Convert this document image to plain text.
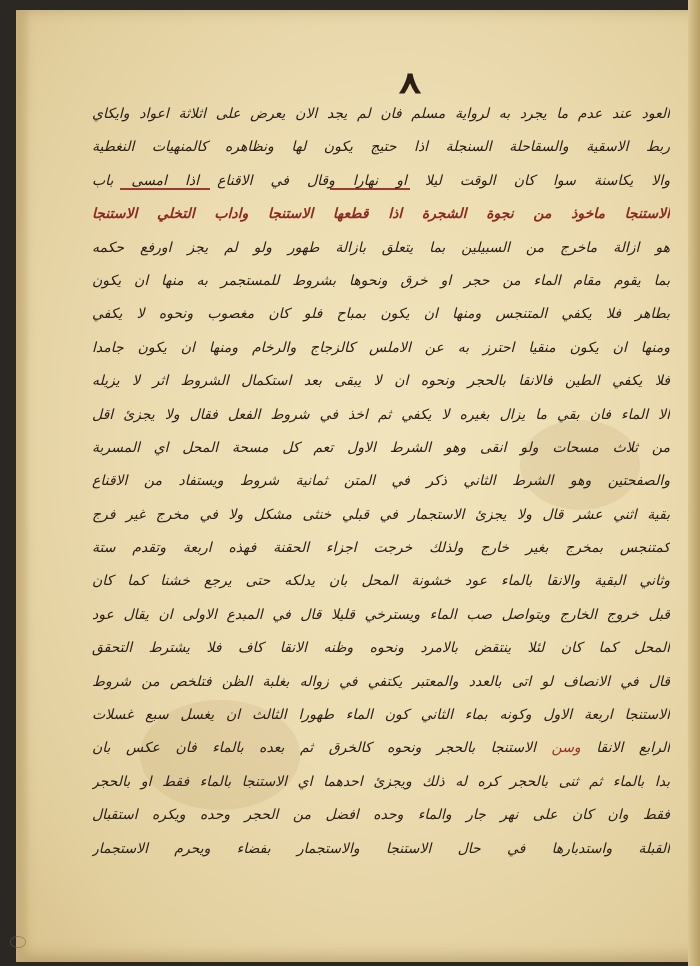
٨
العود عند عدم ما يجرد به لرواية مسلم فان لم يجد الان يعرض على اثلاثة اعواد وايكاي
ربط الاسقية والسقاحلة السنجلة اذا حتيج يكون لها ونظاهره كالمنهيات النغطية
والا يكاسنة سوا كان الوقت ليلا او نهارا وقال في الاقناع اذا امسى باب
الاستنجا ماخوذ من نجوة الشجرة اذا قطعها الاستنجا واداب التخلي الاستنجا
هو ازالة ماخرج من السبيلين بما يتعلق بازالة طهور ولو لم يجز اورفع حكمه
بما يقوم مقام الماء من حجر او خرق ونحوها بشروط للمستجمر به منها ان يكون
بطاهر فلا يكفي المتنجس ومنها ان يكون بمباح فلو كان مغصوب ونحوه لا يكفي
ومنها ان يكون منقيا احترز به عن الاملس كالزجاج والرخام ومنها ان يكون جامدا
فلا يكفي الطين فالانقا بالحجر ونحوه ان لا يبقى بعد استكمال الشروط اثر لا يزيله
الا الماء فان بقي ما يزال بغيره لا يكفي ثم اخذ في شروط الفعل فقال ولا يجزئ اقل
من ثلاث مسحات ولو انقى وهو الشرط الاول تعم كل مسحة المحل اي المسربة
والصفحتين وهو الشرط الثاني ذكر في المتن ثمانية شروط ويستفاد من الاقناع
بقية اثني عشر قال ولا يجزئ الاستجمار في قبلي خنثى مشكل ولا في مخرج غير فرج
كمتنجس بمخرج بغير خارج ولذلك خرجت اجزاء الحقنة فهذه اربعة وتقدم ستة
وثاني البقية والانقا بالماء عود خشونة المحل بان يدلكه حتى يرجع خشنا كما كان
قبل خروج الخارج ويتواصل صب الماء ويسترخي قليلا قال في المبدع الاولى ان يقال عود
المحل كما كان لئلا ينتقض بالامرد ونحوه وظنه الانقا كاف فلا يشترط التحقق
قال في الانصاف لو اتى بالعدد والمعتبر يكتفي في زواله بغلبة الظن فتلخص من شروط
الاستنجا اربعة الاول وكونه بماء الثاني كون الماء طهورا الثالث ان يغسل سبع غسلات
الرابع الانقا وسن الاستنجا بالحجر ونحوه كالخرق ثم بعده بالماء فان عكس بان
بدا بالماء ثم ثنى بالحجر كره له ذلك ويجزئ احدهما اي الاستنجا بالماء فقط او بالحجر
فقط وان كان على نهر جار والماء وحده افضل من الحجر وحده ويكره استقبال
القبلة واستدبارها في حال الاستنجا والاستجمار بفضاء ويحرم الاستجمار
